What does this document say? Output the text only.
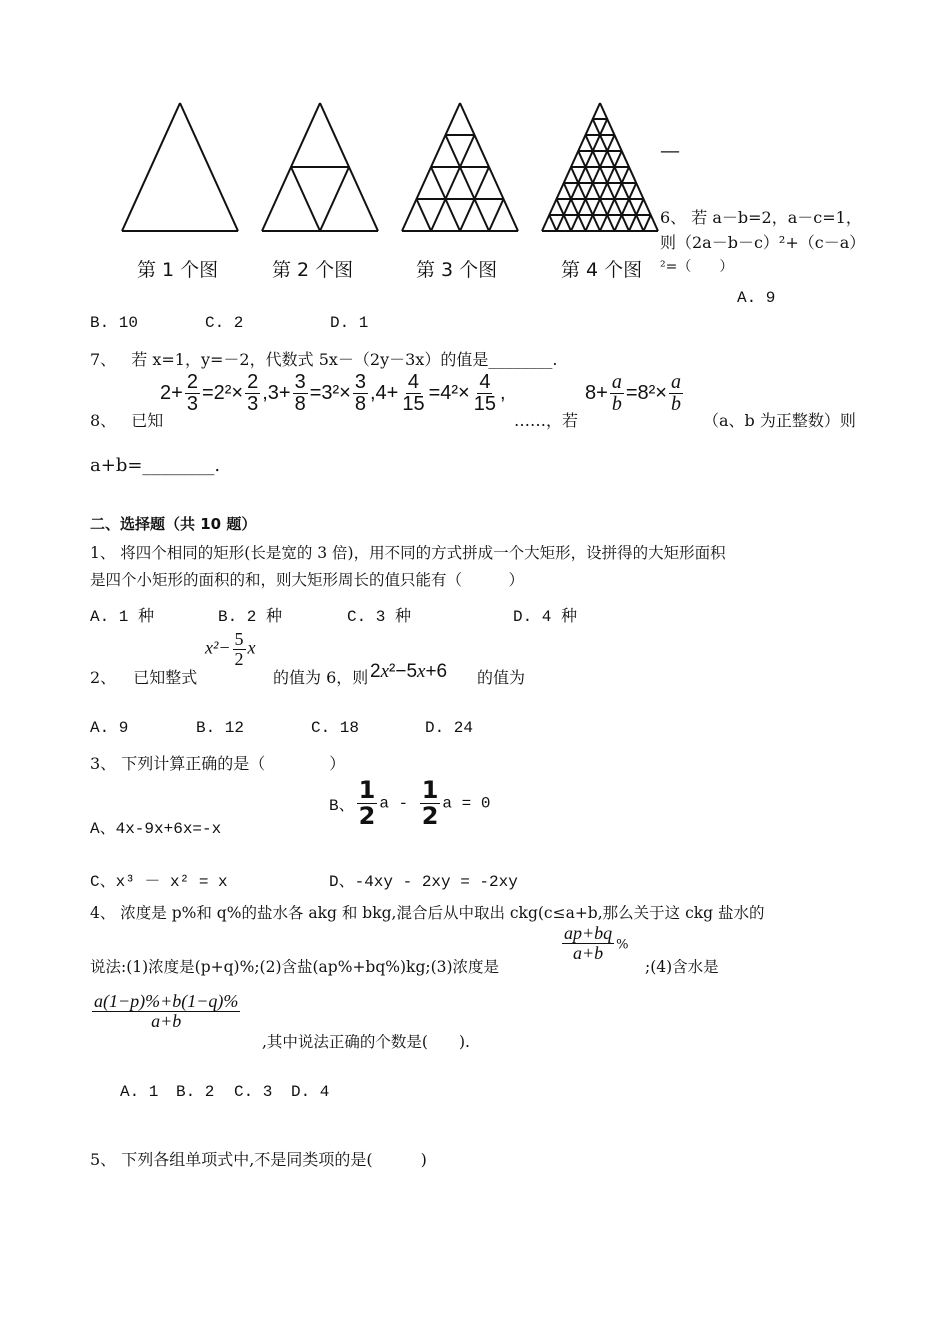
第 1 个图	第 2 个图	第 3 个图	第 4 个图
—
6、 若 a－b=2，a－c=1，
则（2a－b－c）²+（c－a）
²=（　　）
A. 9
B. 10	C. 2	D. 1
7、 若 x=1，y=－2，代数式 5x－（2y－3x）的值是________.
8、 已知
$2+ \frac{2}{3} =2^2\times \frac{2}{3} ,3+ \frac{3}{8} =3^2\times \frac{3}{8} ,4+ \frac{4}{15} =4^2\times \frac{4}{15}$ ,
……，若
$8+ \frac{a}{b} =8^2\times \frac{a}{b}$
（a、b 为正整数）则
a+b=________.
二、选择题（共 10 题）
1、 将四个相同的矩形(长是宽的 3 倍)，用不同的方式拼成一个大矩形，设拼得的大矩形面积
是四个小矩形的面积的和，则大矩形周长的值只能有（　　　）
A. 1 种	B. 2 种	C. 3 种	D. 4 种
2、 已知整式
$x^2- \frac{5}{2}$ x
的值为 6，则 2x²−5x+6 的值为
A. 9	B. 12	C. 18	D. 24
3、 下列计算正确的是（　　　　）
A、4x-9x+6x=-x
B、 $\frac{1}{2}$ a - $\frac{1}{2}$ a = 0
C、x³ － x² = x	D、-4xy - 2xy = -2xy
4、 浓度是 p%和 q%的盐水各 akg 和 bkg,混合后从中取出 ckg(c≤a+b,那么关于这 ckg 盐水的
说法:(1)浓度是(p+q)%;(2)含盐(ap%+bq%)kg;(3)浓度是
$\frac{ap+bq}{a+b}$ %
;(4)含水是
$\frac{a(1-p)\%+b(1-q)\%}{a+b}$
,其中说法正确的个数是(　　).
A. 1 B. 2 C. 3 D. 4
5、 下列各组单项式中,不是同类项的是(　　　)
